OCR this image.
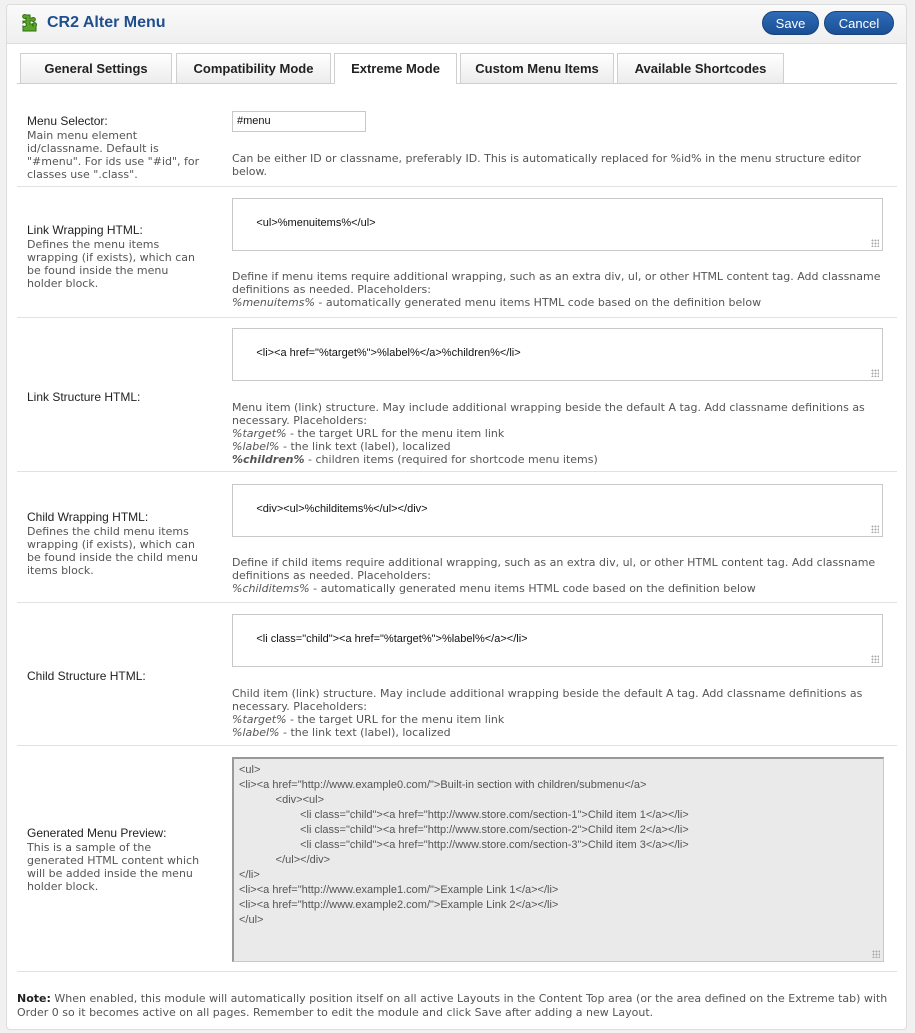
CR2 Alter Menu	Save	Cancel
General Settings	Compatibility Mode	Extreme Mode	Custom Menu Items	Available Shortcodes
Menu Selector:
Main menu element id/classname. Default is "#menu". For ids use "#id", for classes use ".class".
#menu
Can be either ID or classname, preferably ID. This is automatically replaced for %id% in the menu structure editor below.
Link Wrapping HTML:
Defines the menu items wrapping (if exists), which can be found inside the menu holder block.

<ul>%menuitems%</ul>

Define if menu items require additional wrapping, such as an extra div, ul, or other HTML content tag. Add classname definitions as needed. Placeholders:
%menuitems% - automatically generated menu items HTML code based on the definition below
Link Structure HTML:

<li><a href="%target%">%label%</a>%children%</li>

Menu item (link) structure. May include additional wrapping beside the default A tag. Add classname definitions as necessary. Placeholders:
%target% - the target URL for the menu item link
%label% - the link text (label), localized
%children% - children items (required for shortcode menu items)
Child Wrapping HTML:
Defines the child menu items wrapping (if exists), which can be found inside the child menu items block.

<div><ul>%childitems%</ul></div>

Define if child items require additional wrapping, such as an extra div, ul, or other HTML content tag. Add classname definitions as needed. Placeholders:
%childitems% - automatically generated menu items HTML code based on the definition below
Child Structure HTML:

<li class="child"><a href="%target%">%label%</a></li>

Child item (link) structure. May include additional wrapping beside the default A tag. Add classname definitions as necessary. Placeholders:
%target% - the target URL for the menu item link
%label% - the link text (label), localized
Generated Menu Preview:
This is a sample of the generated HTML content which will be added inside the menu holder block.
<ul>
<li><a href="http://www.example0.com/">Built-in section with children/submenu</a>
<div><ul>
<li class="child"><a href="http://www.store.com/section-1">Child item 1</a></li>
<li class="child"><a href="http://www.store.com/section-2">Child item 2</a></li>
<li class="child"><a href="http://www.store.com/section-3">Child item 3</a></li>
</ul></div>
</li>
<li><a href="http://www.example1.com/">Example Link 1</a></li>
<li><a href="http://www.example2.com/">Example Link 2</a></li>
</ul>
Note: When enabled, this module will automatically position itself on all active Layouts in the Content Top area (or the area defined on the Extreme tab) with Order 0 so it becomes active on all pages. Remember to edit the module and click Save after adding a new Layout.
